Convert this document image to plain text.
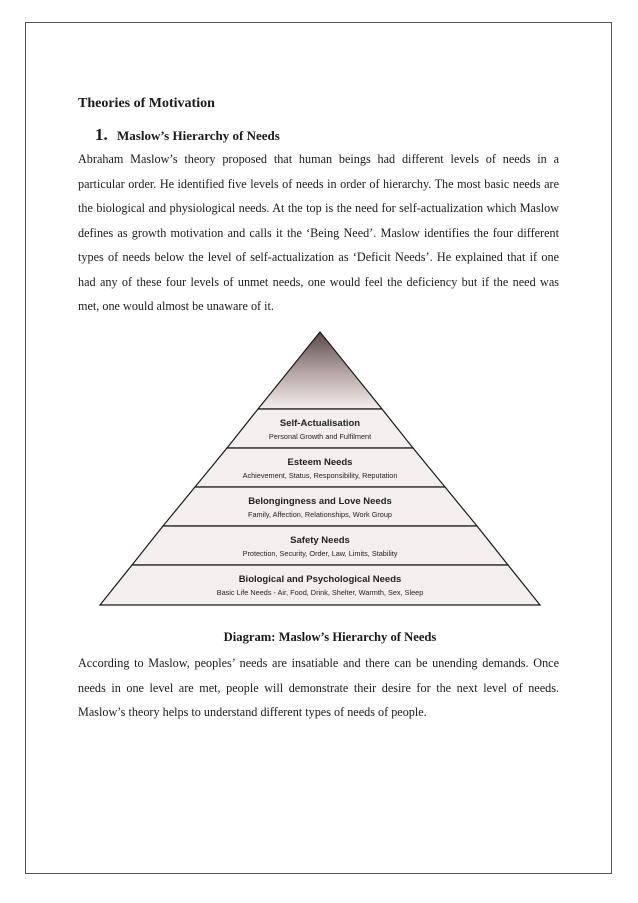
Theories of Motivation
1. Maslow’s Hierarchy of Needs

Abraham Maslow’s theory proposed that human beings had different levels of needs in a particular order. He identified five levels of needs in order of hierarchy. The most basic needs are the biological and physiological needs. At the top is the need for self-actualization which Maslow defines as growth motivation and calls it the ‘Being Need’. Maslow identifies the four different types of needs below the level of self-actualization as ‘Deficit Needs’. He explained that if one had any of these four levels of unmet needs, one would feel the deficiency but if the need was met, one would almost be unaware of it.

Self-Actualisation
Personal Growth and Fulfilment
Esteem Needs
Achievement, Status, Responsibility, Reputation
Belongingness and Love Needs
Family, Affection, Relationships, Work Group
Safety Needs
Protection, Security, Order, Law, Limits, Stability
Biological and Psychological Needs
Basic Life Needs - Air, Food, Drink, Shelter, Warmth, Sex, Sleep

Diagram: Maslow’s Hierarchy of Needs

According to Maslow, peoples’ needs are insatiable and there can be unending demands. Once needs in one level are met, people will demonstrate their desire for the next level of needs. Maslow’s theory helps to understand different types of needs of people.
